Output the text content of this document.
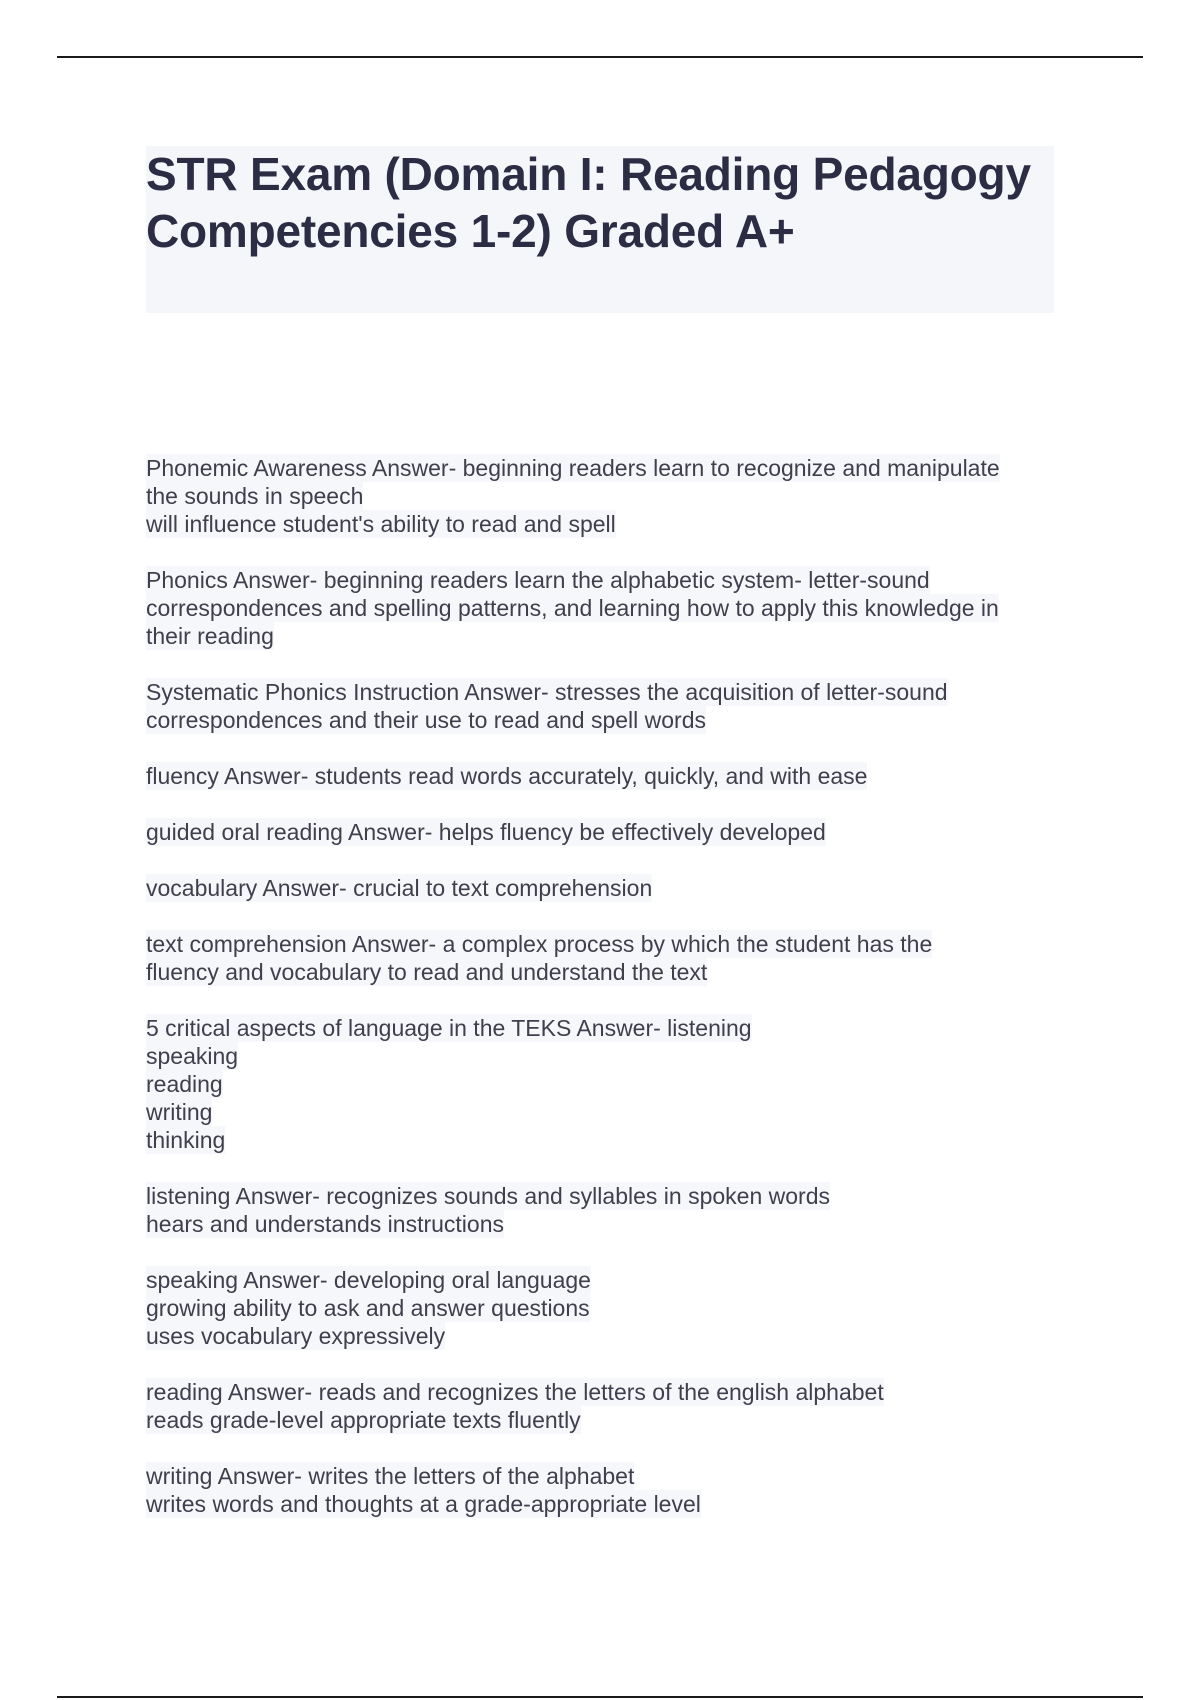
STR Exam (Domain I: Reading Pedagogy Competencies 1-2) Graded A+
Phonemic Awareness Answer- beginning readers learn to recognize and manipulate
the sounds in speech
will influence student's ability to read and spell
Phonics Answer- beginning readers learn the alphabetic system- letter-sound
correspondences and spelling patterns, and learning how to apply this knowledge in
their reading
Systematic Phonics Instruction Answer- stresses the acquisition of letter-sound
correspondences and their use to read and spell words
fluency Answer- students read words accurately, quickly, and with ease
guided oral reading Answer- helps fluency be effectively developed
vocabulary Answer- crucial to text comprehension
text comprehension Answer- a complex process by which the student has the
fluency and vocabulary to read and understand the text
5 critical aspects of language in the TEKS Answer- listening
speaking
reading
writing
thinking
listening Answer- recognizes sounds and syllables in spoken words
hears and understands instructions
speaking Answer- developing oral language
growing ability to ask and answer questions
uses vocabulary expressively
reading Answer- reads and recognizes the letters of the english alphabet
reads grade-level appropriate texts fluently
writing Answer- writes the letters of the alphabet
writes words and thoughts at a grade-appropriate level
